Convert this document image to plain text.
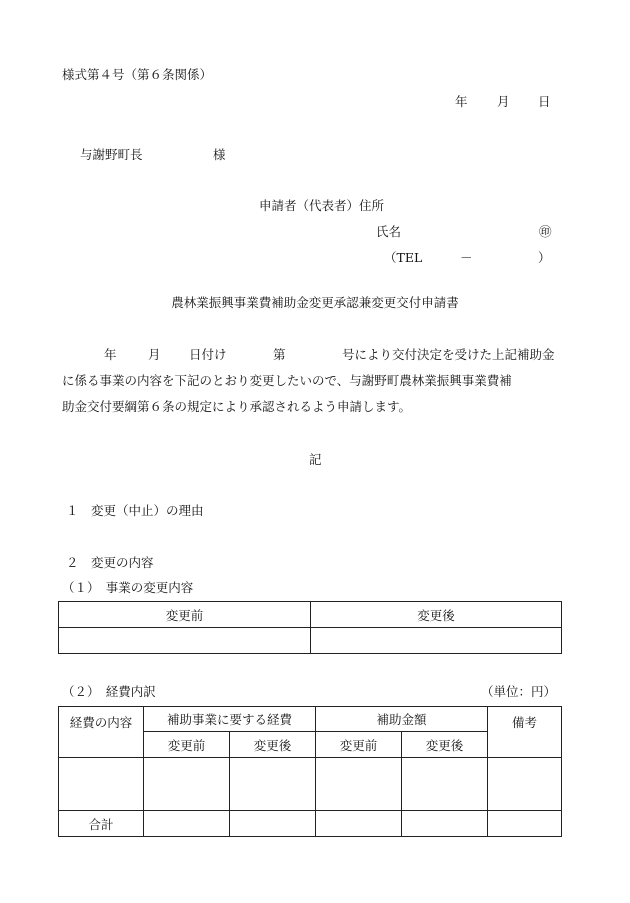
様式第４号（第６条関係）
年 月 日
与謝野町長	様
申請者（代表者）住所
氏名	㊞
（TEL	－	）
農林業振興事業費補助金変更承認兼変更交付申請書
年	月 日付け	第	号により交付決定を受けた上記補助金
に係る事業の内容を下記のとおり変更したいので、与謝野町農林業振興事業費補
助金交付要綱第６条の規定により承認されるよう申請します。
記
１　変更（中止）の理由
２　変更の内容
（１）　事業の変更内容
変更前	変更後

（２）　経費内訳	（単位：円）
経費の内容	補助事業に要する経費		補助金額		備考
	変更前	変更後	変更前	変更後	

合計					
